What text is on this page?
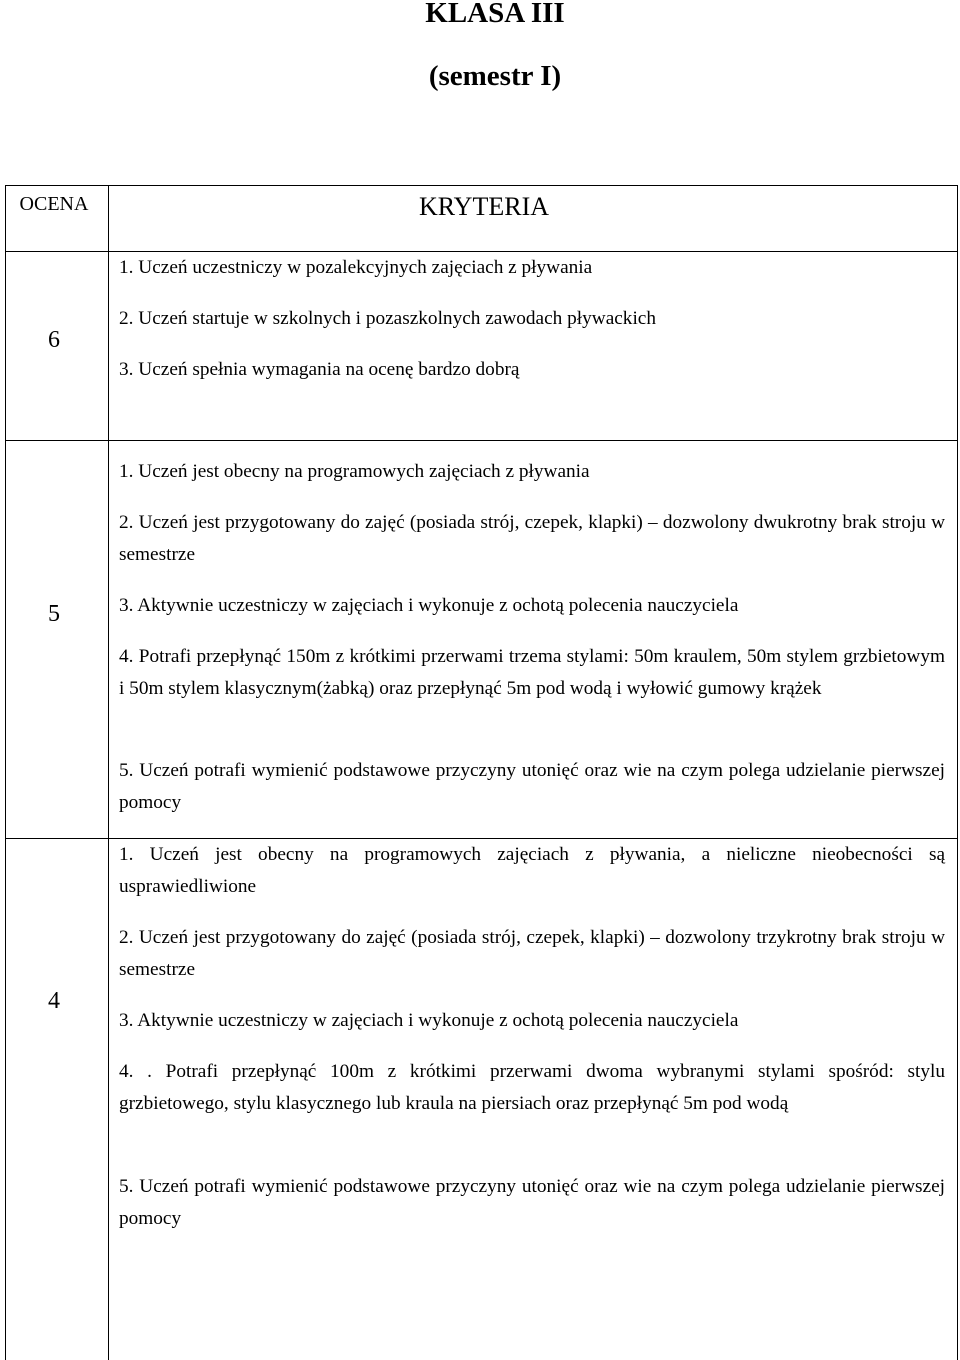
KLASA III
(semestr I)
OCENA	KRYTERIA
6
1. Uczeń uczestniczy w pozalekcyjnych zajęciach z pływania
2. Uczeń startuje w szkolnych i pozaszkolnych zawodach pływackich
3. Uczeń spełnia wymagania na ocenę bardzo dobrą
5
1. Uczeń jest obecny na programowych zajęciach z pływania
2. Uczeń jest przygotowany do zajęć (posiada strój, czepek, klapki) – dozwolony dwukrotny brak stroju w semestrze
3. Aktywnie uczestniczy w zajęciach i wykonuje z ochotą polecenia nauczyciela
4. Potrafi przepłynąć 150m z krótkimi przerwami trzema stylami: 50m kraulem, 50m stylem grzbietowym i 50m stylem klasycznym(żabką) oraz przepłynąć 5m pod wodą i wyłowić gumowy krążek
5. Uczeń potrafi wymienić podstawowe przyczyny utonięć oraz wie na czym polega udzielanie pierwszej pomocy
4
1. Uczeń jest obecny na programowych zajęciach z pływania, a nieliczne nieobecności są usprawiedliwione
2. Uczeń jest przygotowany do zajęć (posiada strój, czepek, klapki) – dozwolony trzykrotny brak stroju w semestrze
3. Aktywnie uczestniczy w zajęciach i wykonuje z ochotą polecenia nauczyciela
4. . Potrafi przepłynąć 100m z krótkimi przerwami dwoma wybranymi stylami spośród: stylu grzbietowego, stylu klasycznego lub kraula na piersiach oraz przepłynąć 5m pod wodą
5. Uczeń potrafi wymienić podstawowe przyczyny utonięć oraz wie na czym polega udzielanie pierwszej pomocy
